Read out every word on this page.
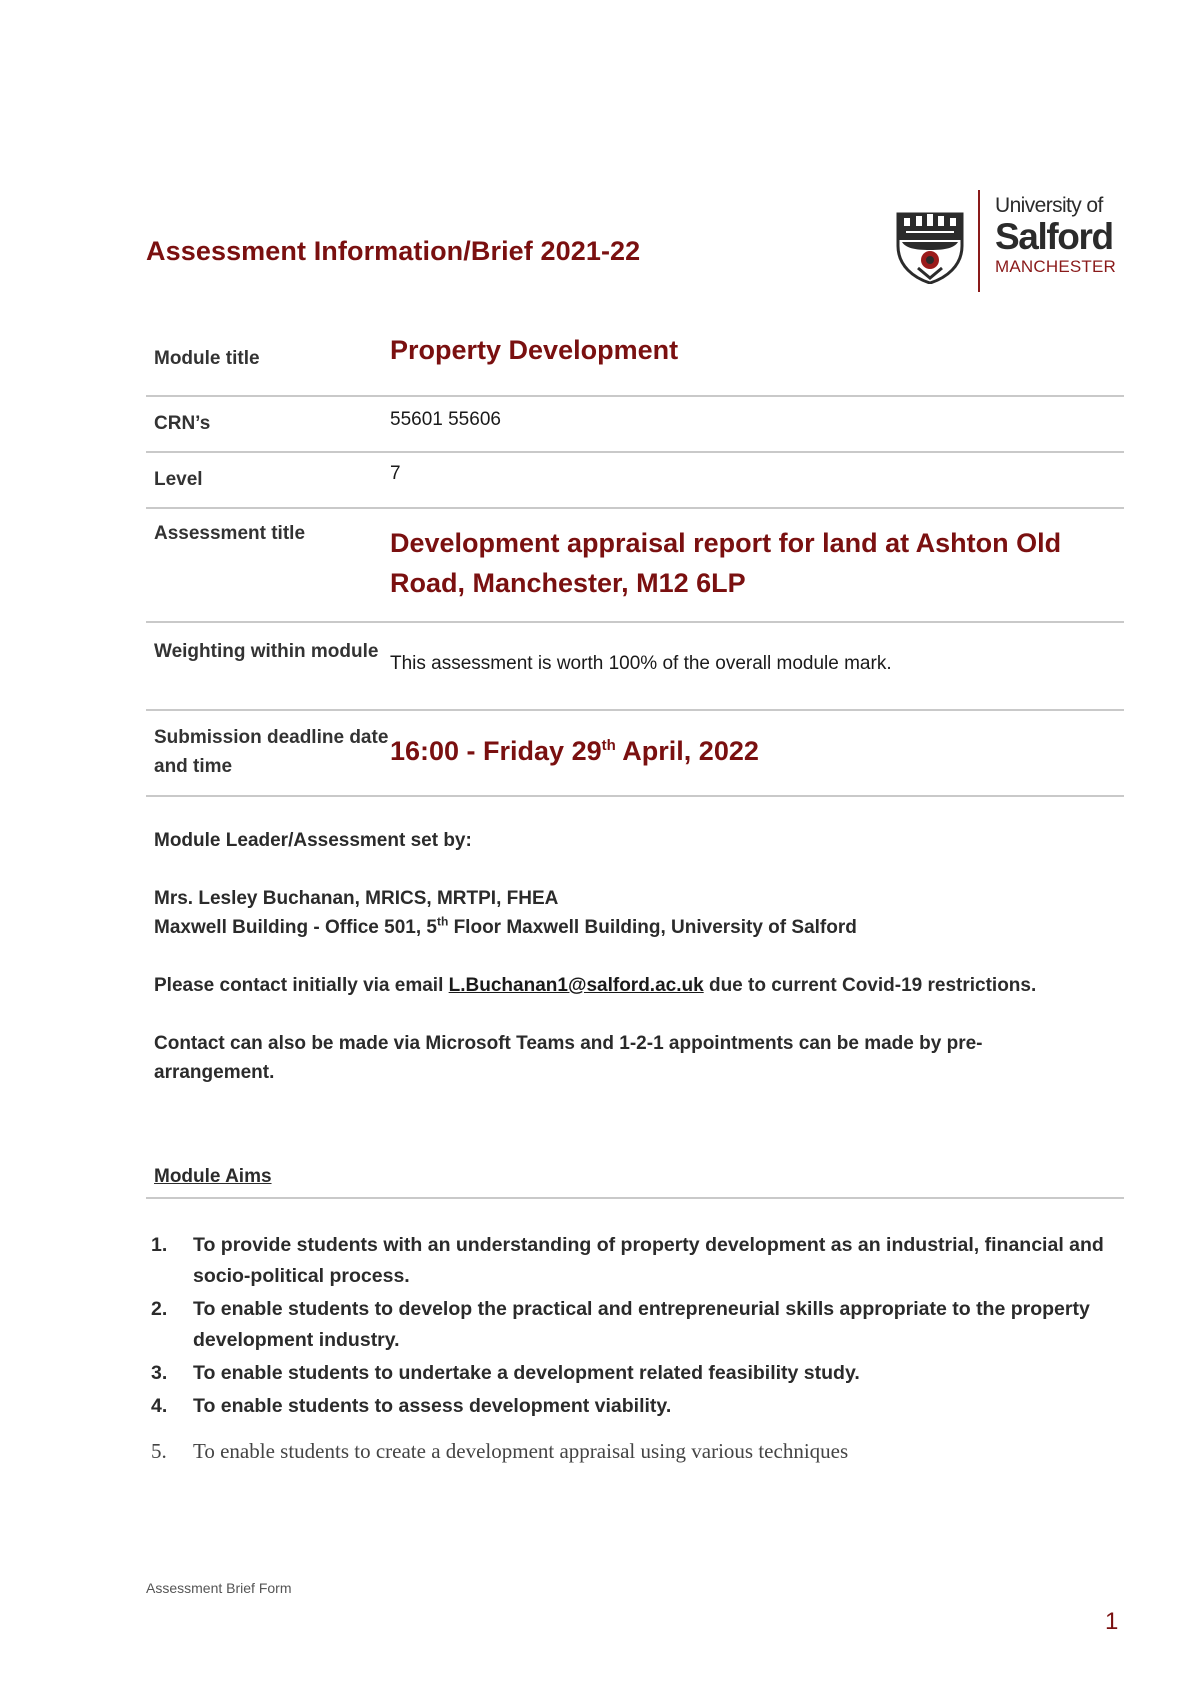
Assessment Information/Brief 2021-22
University of
Salford
MANCHESTER
Module title	Property Development
CRN’s	55601 55606
Level	7
Assessment title	Development appraisal report for land at Ashton Old Road, Manchester, M12 6LP

Weighting within module	This assessment is worth 100% of the overall module mark.
Submission deadline date and time	16:00 - Friday 29th April, 2022

Module Leader/Assessment set by:

Mrs. Lesley Buchanan, MRICS, MRTPI, FHEA

Maxwell Building - Office 501, 5th Floor Maxwell Building, University of Salford

Please contact initially via email L.Buchanan1@salford.ac.uk due to current Covid-19 restrictions.

Contact can also be made via Microsoft Teams and 1-2-1 appointments can be made by pre-arrangement.

Module Aims
1. To provide students with an understanding of property development as an industrial, financial and socio-political process.
2. To enable students to develop the practical and entrepreneurial skills appropriate to the property development industry.
3. To enable students to undertake a development related feasibility study.
4. To enable students to assess development viability.
5. To enable students to create a development appraisal using various techniques
Assessment Brief Form
1
